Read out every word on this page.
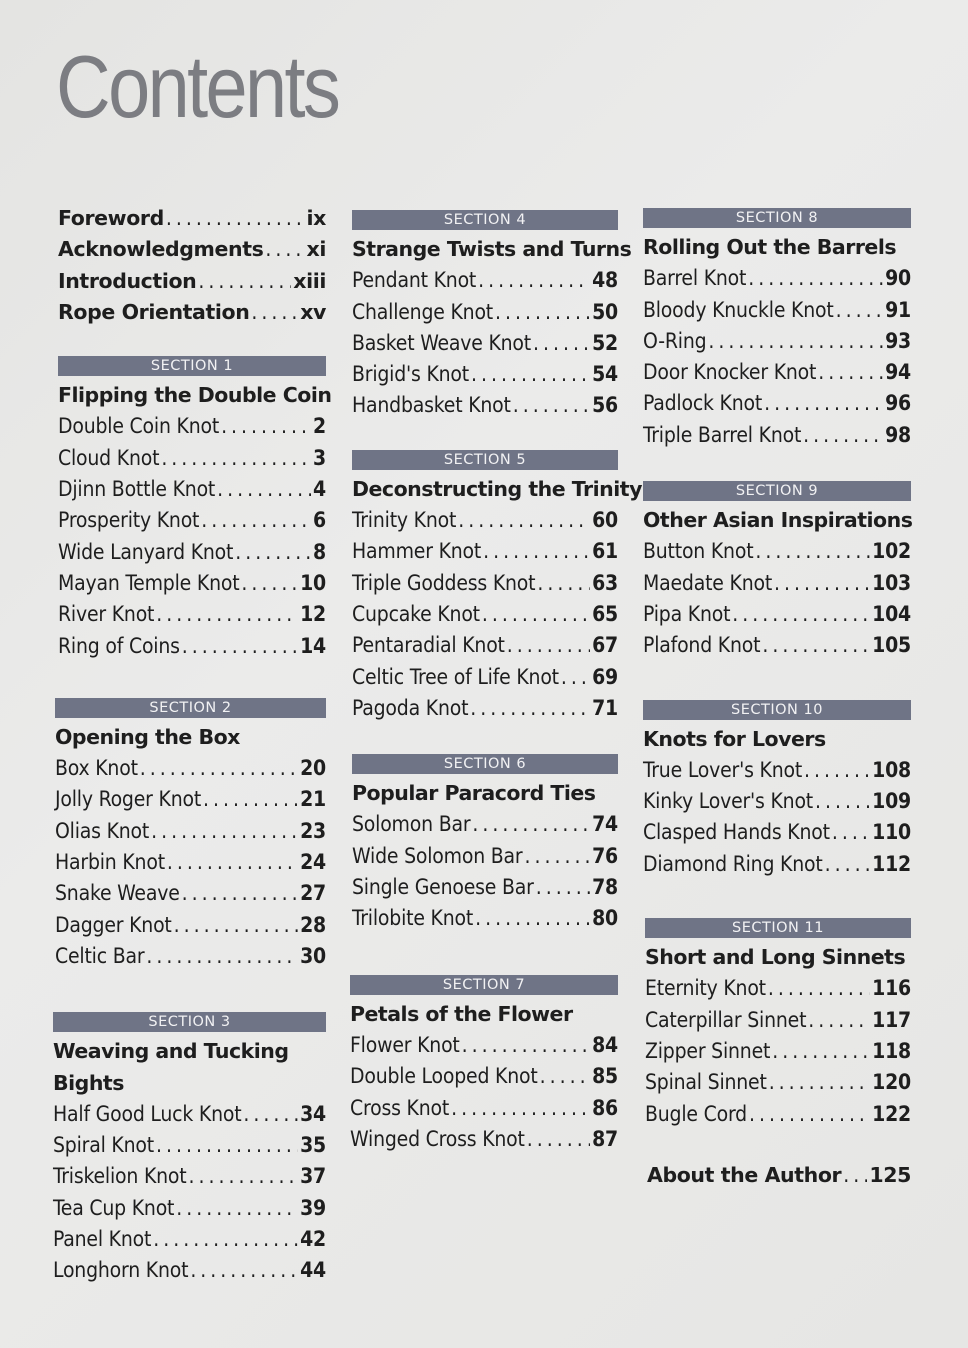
Contents
Foreword . . .	ix
Acknowledgments . . . xi
Introduction . . .	xiii
Rope Orientation . . . xv
SECTION 1
Flipping the Double Coin
Double Coin Knot . . .	2
Cloud Knot . . .	3
Djinn Bottle Knot . . .	4
Prosperity Knot . . .	6
Wide Lanyard Knot . . .	8
Mayan Temple Knot . . .	10
River Knot . . .	12
Ring of Coins . . .	14
SECTION 2
Opening the Box
Box Knot . . .	20
Jolly Roger Knot . . .	21
Olias Knot . . .	23
Harbin Knot . . .	24
Snake Weave . . .	27
Dagger Knot . . .	28
Celtic Bar . . .	30
SECTION 3
Weaving and Tucking Bights
Half Good Luck Knot . . .	34
Spiral Knot . . .	35
Triskelion Knot . . .	37
Tea Cup Knot . . .	39
Panel Knot . . .	42
Longhorn Knot . . .	44
SECTION 4
Strange Twists and Turns
Pendant Knot . . .	48
Challenge Knot . . .	50
Basket Weave Knot . . .	52
Brigid's Knot . . .	54
Handbasket Knot . . .	56
SECTION 5
Deconstructing the Trinity
Trinity Knot . . .	60
Hammer Knot . . .	61
Triple Goddess Knot . . .	63
Cupcake Knot . . .	65
Pentaradial Knot . . .	67
Celtic Tree of Life Knot . . . 69
Pagoda Knot . . .	71
SECTION 6
Popular Paracord Ties
Solomon Bar . . .	74
Wide Solomon Bar . . .	76
Single Genoese Bar . . .	78
Trilobite Knot . . .	80
SECTION 7
Petals of the Flower
Flower Knot . . .	84
Double Looped Knot . . .	85
Cross Knot . . .	86
Winged Cross Knot . . .	87
SECTION 8
Rolling Out the Barrels
Barrel Knot . . .	90
Bloody Knuckle Knot . . . 91
O-Ring . . .	93
Door Knocker Knot . . .	94
Padlock Knot . . .	96
Triple Barrel Knot . . .	98
SECTION 9
Other Asian Inspirations
Button Knot . . .	102
Maedate Knot . . .	103
Pipa Knot . . .	104
Plafond Knot . . .	105
SECTION 10
Knots for Lovers
True Lover's Knot . . .	108
Kinky Lover's Knot . . .	109
Clasped Hands Knot . . . 110
Diamond Ring Knot . . . 112
SECTION 11
Short and Long Sinnets
Eternity Knot . . .	116
Caterpillar Sinnet . . .	117
Zipper Sinnet . . .	118
Spinal Sinnet . . .	120
Bugle Cord . . .	122
About the Author . . . 125
